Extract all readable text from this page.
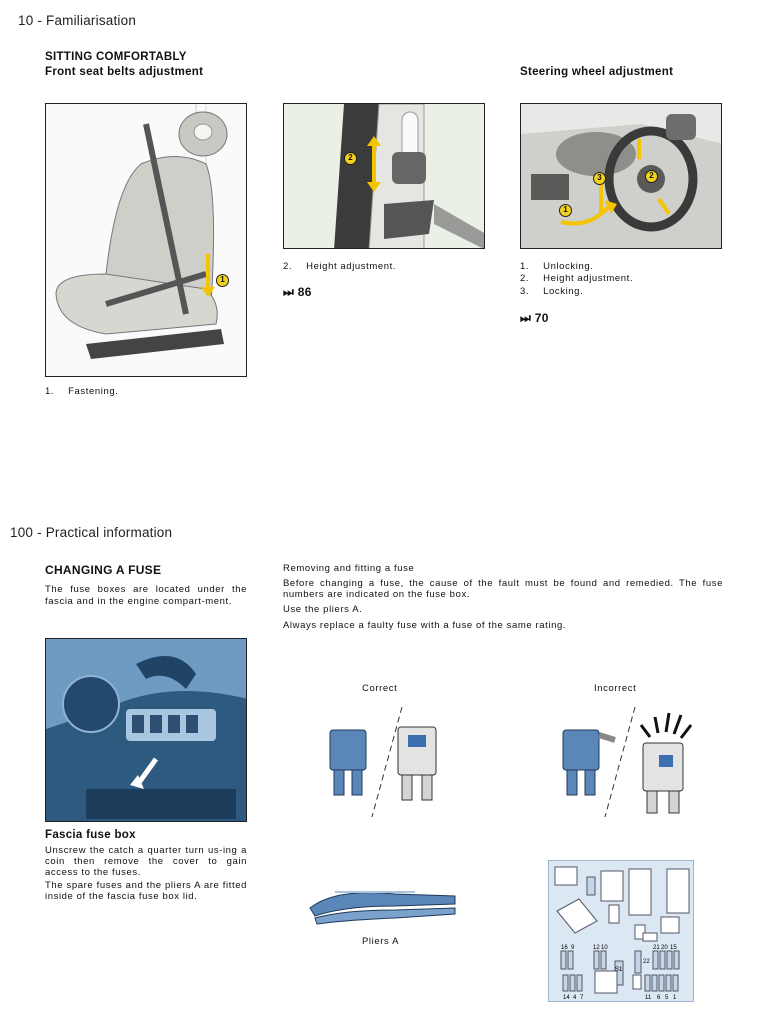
10 - Familiarisation
SITTING COMFORTABLY
Front seat belts adjustment	Steering wheel adjustment
1
2
1
2
3
1. Fastening.
2. Height adjustment.
⏭ 86
1. Unlocking.
2. Height adjustment.
3. Locking.
⏭ 70
100 - Practical information
CHANGING A FUSE
The fuse boxes are located under the fascia and in the engine compart-ment.
Removing and fitting a fuse
Before changing a fuse, the cause of the fault must be found and remedied. The fuse numbers are indicated on the fuse box.
Use the pliers A.
Always replace a faulty fuse with a fuse of the same rating.
Fascia fuse box
Unscrew the catch a quarter turn us-ing a coin then remove the cover to gain access to the fuses.
The spare fuses and the pliers A are fitted inside of the fascia fuse box lid.
Correct	Incorrect
Pliers A
16 9	12 10	21 20 15
22
S1
14 4 7	11 6 5 1
